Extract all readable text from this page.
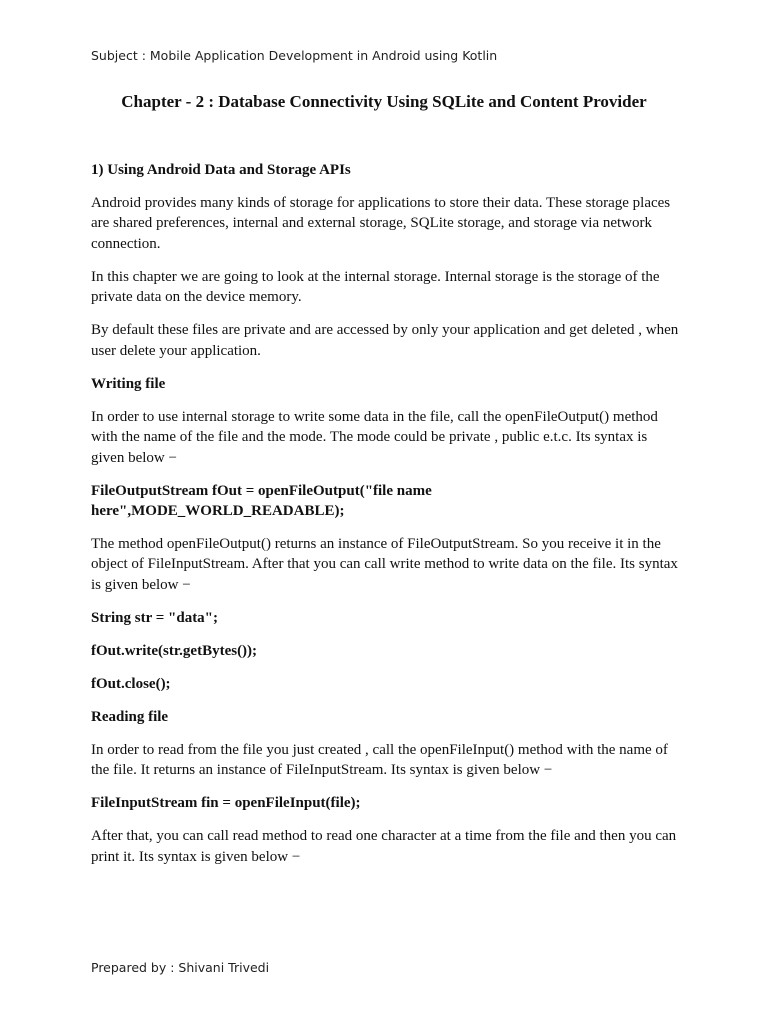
Subject : Mobile Application Development in Android using Kotlin
Chapter - 2 : Database Connectivity Using SQLite and Content Provider
1) Using Android Data and Storage APIs

Android provides many kinds of storage for applications to store their data. These storage places are shared preferences, internal and external storage, SQLite storage, and storage via network connection.

In this chapter we are going to look at the internal storage. Internal storage is the storage of the private data on the device memory.

By default these files are private and are accessed by only your application and get deleted , when user delete your application.

Writing file

In order to use internal storage to write some data in the file, call the openFileOutput() method with the name of the file and the mode. The mode could be private , public e.t.c. Its syntax is given below −

FileOutputStream fOut = openFileOutput("file name here",MODE_WORLD_READABLE);

The method openFileOutput() returns an instance of FileOutputStream. So you receive it in the object of FileInputStream. After that you can call write method to write data on the file. Its syntax is given below −

String str = "data";
fOut.write(str.getBytes());
fOut.close();
Reading file

In order to read from the file you just created , call the openFileInput() method with the name of the file. It returns an instance of FileInputStream. Its syntax is given below −

FileInputStream fin = openFileInput(file);

After that, you can call read method to read one character at a time from the file and then you can print it. Its syntax is given below −

Prepared by : Shivani Trivedi
